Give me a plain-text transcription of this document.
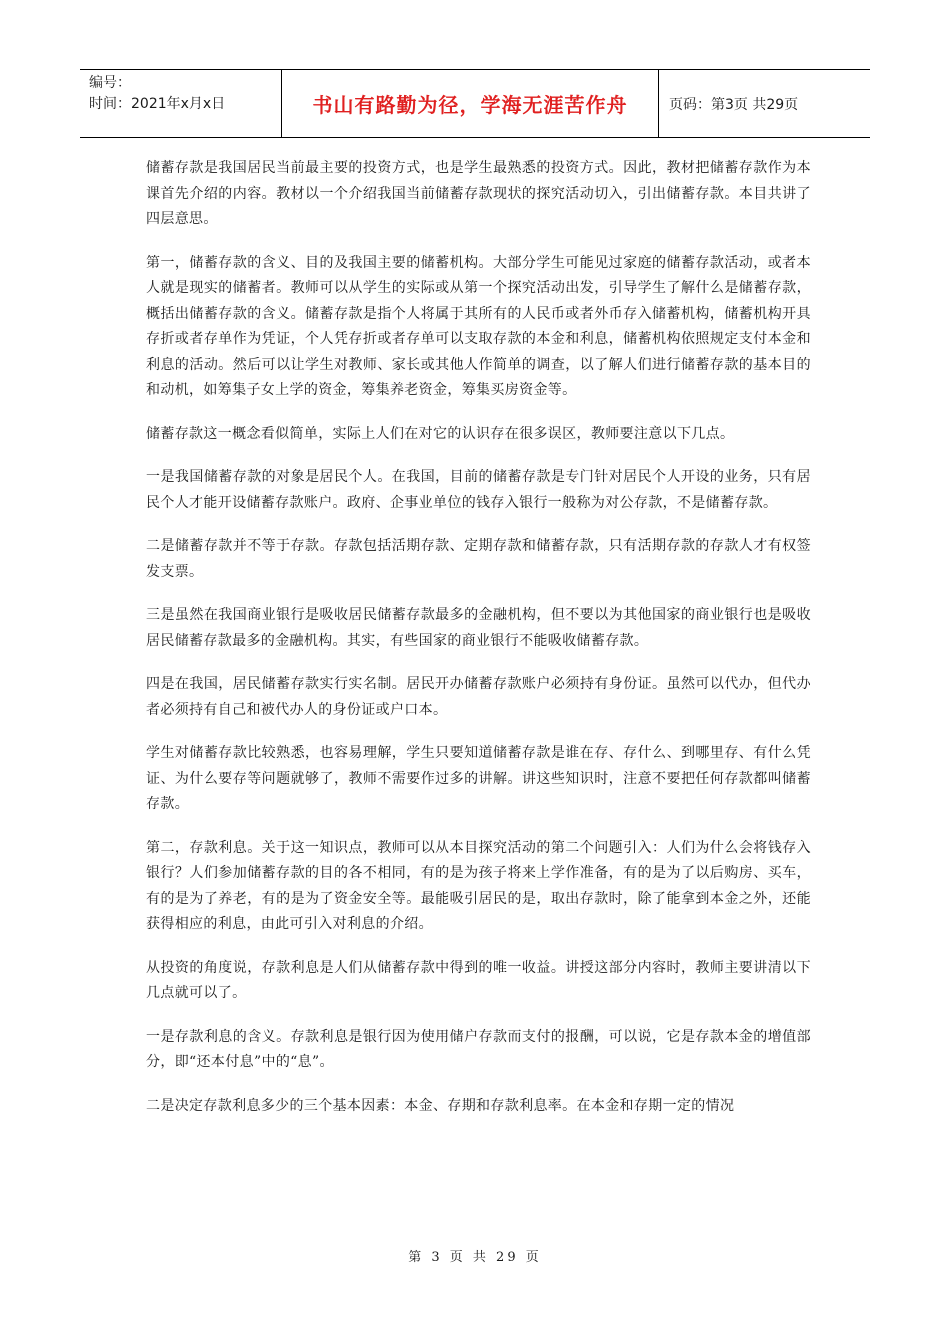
编号：
时间：2021年x月x日	书山有路勤为径，学海无涯苦作舟	页码：第3页 共29页

储蓄存款是我国居民当前最主要的投资方式，也是学生最熟悉的投资方式。因此，教材把储蓄存款作为本课首先介绍的内容。教材以一个介绍我国当前储蓄存款现状的探究活动切入，引出储蓄存款。本目共讲了四层意思。

第一，储蓄存款的含义、目的及我国主要的储蓄机构。大部分学生可能见过家庭的储蓄存款活动，或者本人就是现实的储蓄者。教师可以从学生的实际或从第一个探究活动出发，引导学生了解什么是储蓄存款，概括出储蓄存款的含义。储蓄存款是指个人将属于其所有的人民币或者外币存入储蓄机构，储蓄机构开具存折或者存单作为凭证，个人凭存折或者存单可以支取存款的本金和利息，储蓄机构依照规定支付本金和利息的活动。然后可以让学生对教师、家长或其他人作简单的调查，以了解人们进行储蓄存款的基本目的和动机，如筹集子女上学的资金，筹集养老资金，筹集买房资金等。

储蓄存款这一概念看似简单，实际上人们在对它的认识存在很多误区，教师要注意以下几点。

一是我国储蓄存款的对象是居民个人。在我国，目前的储蓄存款是专门针对居民个人开设的业务，只有居民个人才能开设储蓄存款账户。政府、企事业单位的钱存入银行一般称为对公存款，不是储蓄存款。

二是储蓄存款并不等于存款。存款包括活期存款、定期存款和储蓄存款，只有活期存款的存款人才有权签发支票。

三是虽然在我国商业银行是吸收居民储蓄存款最多的金融机构，但不要以为其他国家的商业银行也是吸收居民储蓄存款最多的金融机构。其实，有些国家的商业银行不能吸收储蓄存款。

四是在我国，居民储蓄存款实行实名制。居民开办储蓄存款账户必须持有身份证。虽然可以代办，但代办者必须持有自己和被代办人的身份证或户口本。

学生对储蓄存款比较熟悉，也容易理解，学生只要知道储蓄存款是谁在存、存什么、到哪里存、有什么凭证、为什么要存等问题就够了，教师不需要作过多的讲解。讲这些知识时，注意不要把任何存款都叫储蓄存款。

第二，存款利息。关于这一知识点，教师可以从本目探究活动的第二个问题引入：人们为什么会将钱存入银行？人们参加储蓄存款的目的各不相同，有的是为孩子将来上学作准备，有的是为了以后购房、买车，有的是为了养老，有的是为了资金安全等。最能吸引居民的是，取出存款时，除了能拿到本金之外，还能获得相应的利息，由此可引入对利息的介绍。

从投资的角度说，存款利息是人们从储蓄存款中得到的唯一收益。讲授这部分内容时，教师主要讲清以下几点就可以了。

一是存款利息的含义。存款利息是银行因为使用储户存款而支付的报酬，可以说，它是存款本金的增值部分，即“还本付息”中的“息”。

二是决定存款利息多少的三个基本因素：本金、存期和存款利息率。在本金和存期一定的情况

第 3 页 共 29 页
